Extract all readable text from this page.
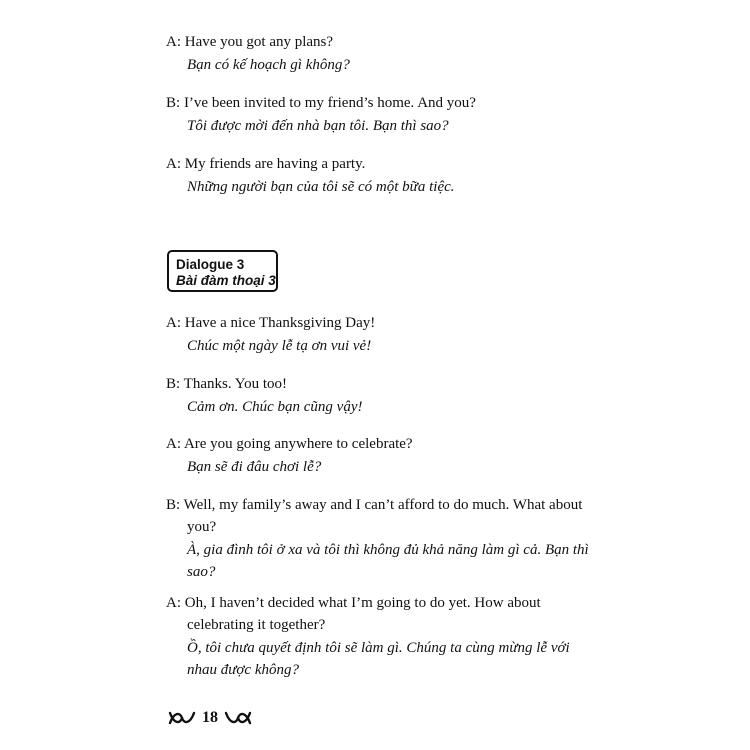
A: Have you got any plans?
Bạn có kế hoạch gì không?
B: I’ve been invited to my friend’s home. And you?
Tôi được mời đến nhà bạn tôi. Bạn thì sao?
A: My friends are having a party.
Những người bạn của tôi sẽ có một bữa tiệc.
Dialogue 3
Bài đàm thoại 3
A: Have a nice Thanksgiving Day!
Chúc một ngày lễ tạ ơn vui vẻ!
B: Thanks. You too!
Cảm ơn. Chúc bạn cũng vậy!
A: Are you going anywhere to celebrate?
Bạn sẽ đi đâu chơi lễ?
B: Well, my family’s away and I can’t afford to do much. What about
you?
À, gia đình tôi ở xa và tôi thì không đủ khả năng làm gì cả. Bạn thì
sao?
A: Oh, I haven’t decided what I’m going to do yet. How about
celebrating it together?
Ồ, tôi chưa quyết định tôi sẽ làm gì. Chúng ta cùng mừng lễ với
nhau được không?
18
